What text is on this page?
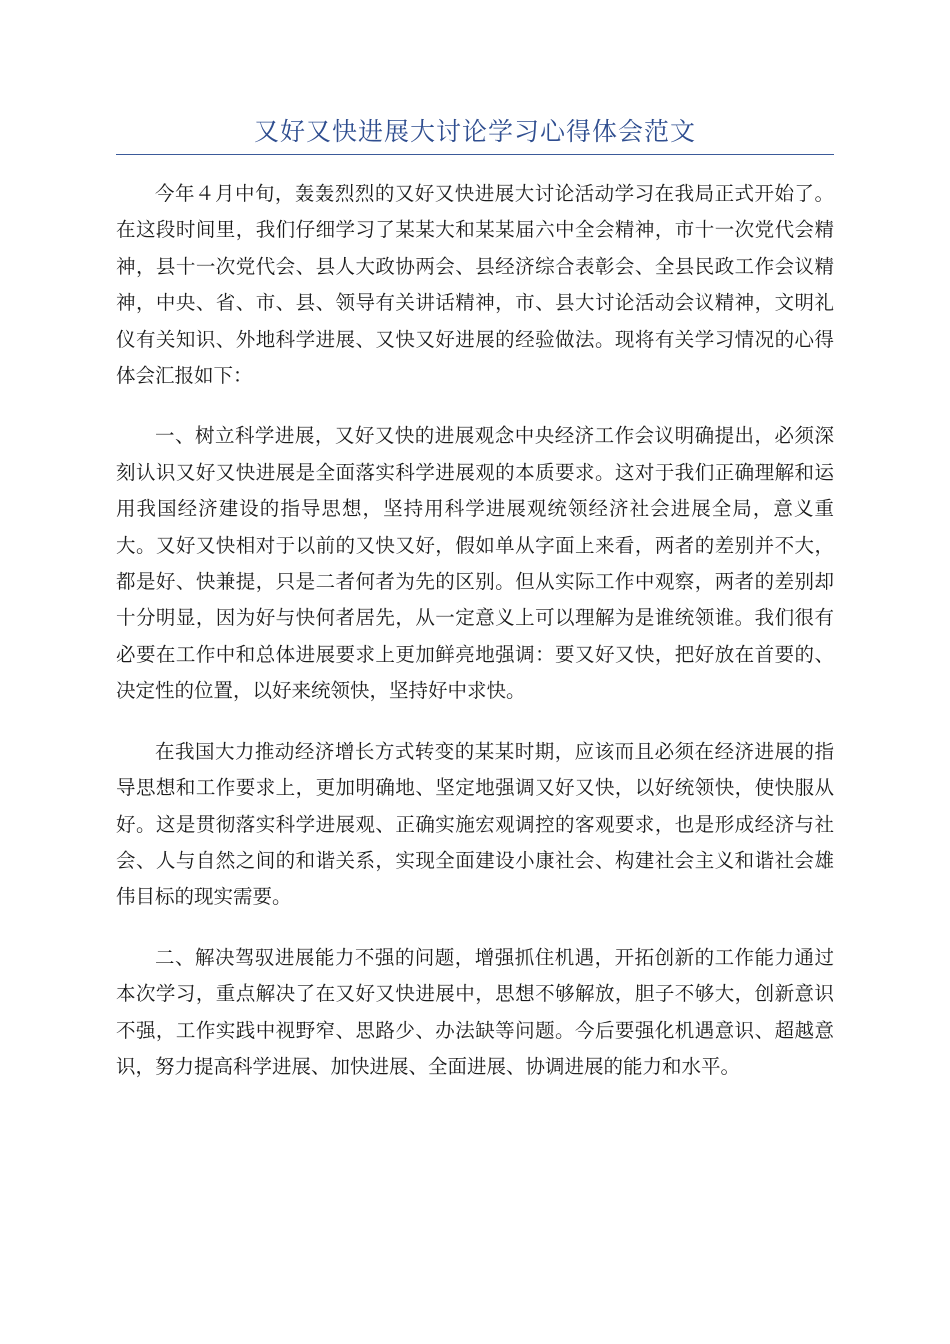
又好又快进展大讨论学习心得体会范文

今年４月中旬，轰轰烈烈的又好又快进展大讨论活动学习在我局正式开始了。在这段时间里，我们仔细学习了某某大和某某届六中全会精神，市十一次党代会精神，县十一次党代会、县人大政协两会、县经济综合表彰会、全县民政工作会议精神，中央、省、市、县、领导有关讲话精神，市、县大讨论活动会议精神，文明礼仪有关知识、外地科学进展、又快又好进展的经验做法。现将有关学习情况的心得体会汇报如下：

一、树立科学进展，又好又快的进展观念中央经济工作会议明确提出，必须深刻认识又好又快进展是全面落实科学进展观的本质要求。这对于我们正确理解和运用我国经济建设的指导思想，坚持用科学进展观统领经济社会进展全局，意义重大。又好又快相对于以前的又快又好，假如单从字面上来看，两者的差别并不大，都是好、快兼提，只是二者何者为先的区别。但从实际工作中观察，两者的差别却十分明显，因为好与快何者居先，从一定意义上可以理解为是谁统领谁。我们很有必要在工作中和总体进展要求上更加鲜亮地强调：要又好又快，把好放在首要的、决定性的位置，以好来统领快，坚持好中求快。

在我国大力推动经济增长方式转变的某某时期，应该而且必须在经济进展的指导思想和工作要求上，更加明确地、坚定地强调又好又快，以好统领快，使快服从好。这是贯彻落实科学进展观、正确实施宏观调控的客观要求，也是形成经济与社会、人与自然之间的和谐关系，实现全面建设小康社会、构建社会主义和谐社会雄伟目标的现实需要。

二、解决驾驭进展能力不强的问题，增强抓住机遇，开拓创新的工作能力通过本次学习，重点解决了在又好又快进展中，思想不够解放，胆子不够大，创新意识不强，工作实践中视野窄、思路少、办法缺等问题。今后要强化机遇意识、超越意识，努力提高科学进展、加快进展、全面进展、协调进展的能力和水平。
